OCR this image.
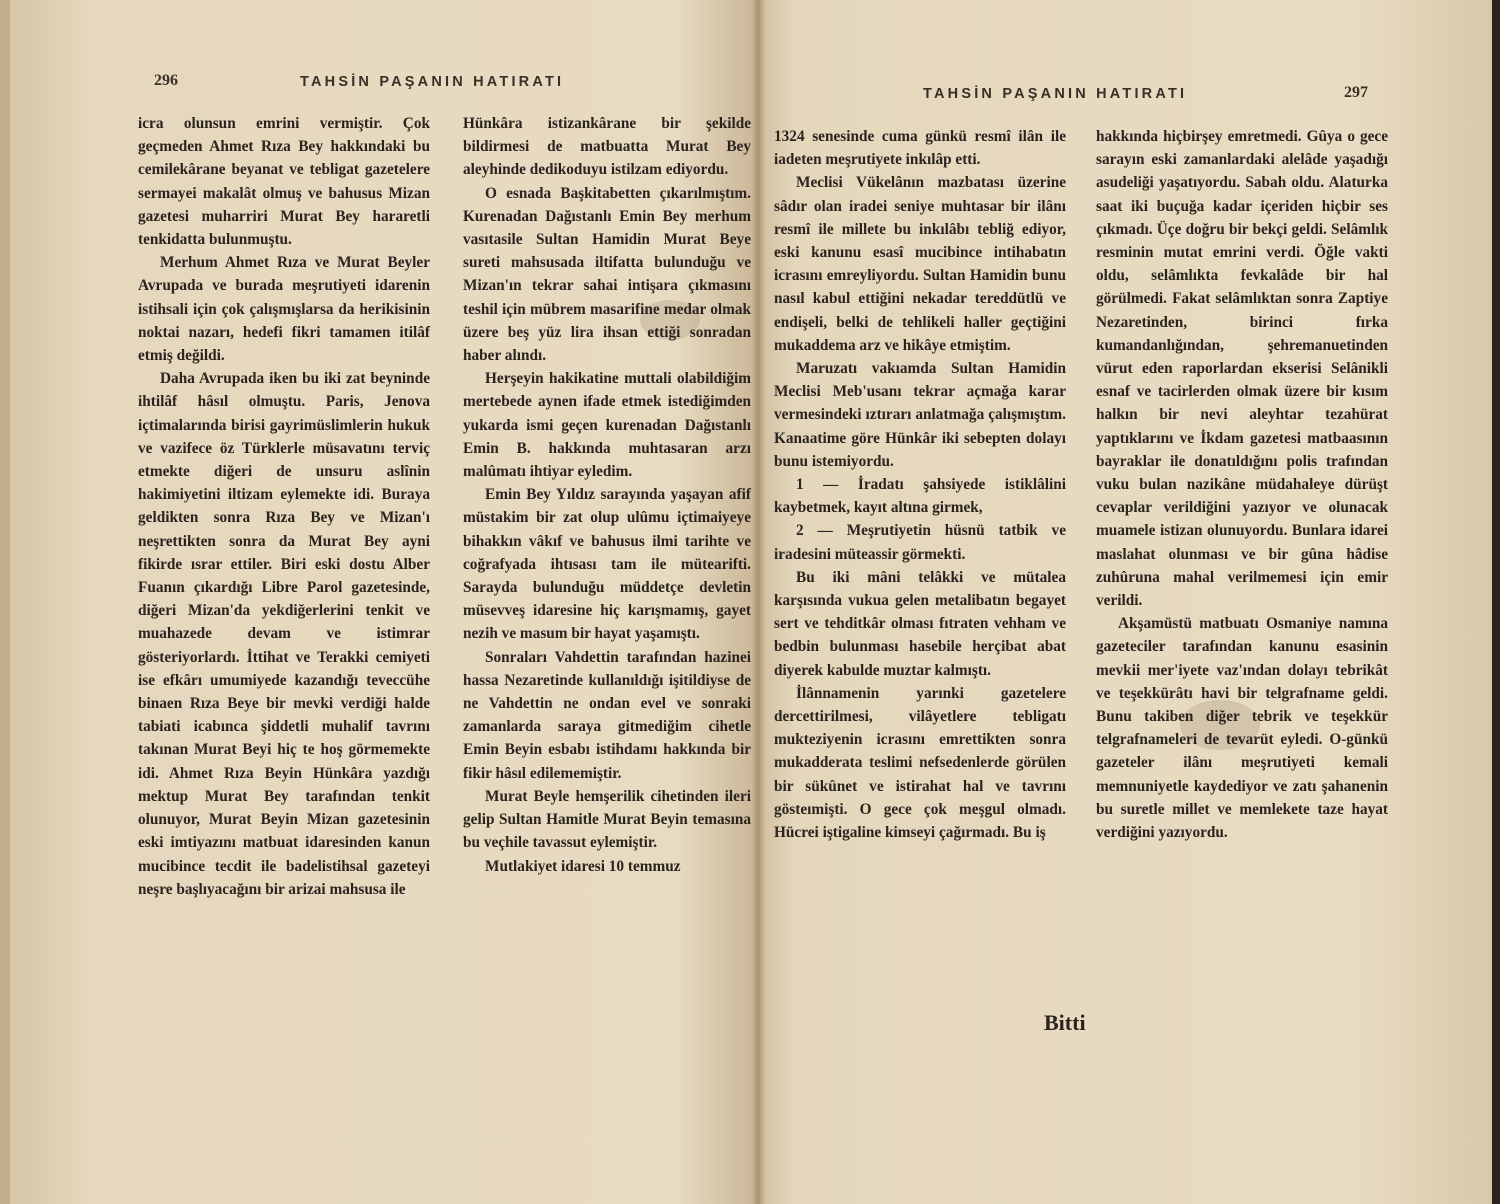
296	TAHSİN PAŞANIN HATIRATI

icra olunsun emrini vermiştir. Çok geçmeden Ahmet Rıza Bey hakkındaki bu cemilekârane beyanat ve tebligat gazetelere sermayei makalât olmuş ve bahusus Mizan gazetesi muharriri Murat Bey hararetli tenkidatta bulunmuştu.

Merhum Ahmet Rıza ve Murat Beyler Avrupada ve burada meşrutiyeti idarenin istihsali için çok çalışmışlarsa da herikisinin noktai nazarı, hedefi fikri tamamen itilâf etmiş değildi.

Daha Avrupada iken bu iki zat beyninde ihtilâf hâsıl olmuştu. Paris, Jenova içtimalarında birisi gayrimüslimlerin hukuk ve vazifece öz Türklerle müsavatını terviç etmekte diğeri de unsuru aslînin hakimiyetini iltizam eylemekte idi. Buraya geldikten sonra Rıza Bey ve Mizan'ı neşrettikten sonra da Murat Bey ayni fikirde ısrar ettiler. Biri eski dostu Alber Fuanın çıkardığı Libre Parol gazetesinde, diğeri Mizan'da yekdiğerlerini tenkit ve muahazede devam ve istimrar gösteriyorlardı. İttihat ve Terakki cemiyeti ise efkârı umumiyede kazandığı teveccühe binaen Rıza Beye bir mevki verdiği halde tabiati icabınca şiddetli muhalif tavrını takınan Murat Beyi hiç te hoş görmemekte idi. Ahmet Rıza Beyin Hünkâra yazdığı mektup Murat Bey tarafından tenkit olunuyor, Murat Beyin Mizan gazetesinin eski imtiyazını matbuat idaresinden kanun mucibince tecdit ile badelistihsal gazeteyi neşre başlıyacağını bir arizai mahsusa ile

Hünkâra istizankârane bir şekilde bildirmesi de matbuatta Murat Bey aleyhinde dedikoduyu istilzam ediyordu.

O esnada Başkitabetten çıkarılmıştım. Kurenadan Dağıstanlı Emin Bey merhum vasıtasile Sultan Hamidin Murat Beye sureti mahsusada iltifatta bulunduğu ve Mizan'ın tekrar sahai intişara çıkmasını teshil için mübrem masarifine medar olmak üzere beş yüz lira ihsan ettiği sonradan haber alındı.

Herşeyin hakikatine muttali olabildiğim mertebede aynen ifade etmek istediğimden yukarda ismi geçen kurenadan Dağıstanlı Emin B. hakkında muhtasaran arzı malûmatı ihtiyar eyledim.

Emin Bey Yıldız sarayında yaşayan afif müstakim bir zat olup ulûmu içtimaiyeye bihakkın vâkıf ve bahusus ilmi tarihte ve coğrafyada ihtısası tam ile mütearifti. Sarayda bulunduğu müddetçe devletin müsevveş idaresine hiç karışmamış, gayet nezih ve masum bir hayat yaşamıştı.

Sonraları Vahdettin tarafından hazinei hassa Nezaretinde kullanıldığı işitildiyse de ne Vahdettin ne ondan evel ve sonraki zamanlarda saraya gitmediğim cihetle Emin Beyin esbabı istihdamı hakkında bir fikir hâsıl edilememiştir.

Murat Beyle hemşerilik cihetinden ileri gelip Sultan Hamitle Murat Beyin temasına bu veçhile tavassut eylemiştir.

Mutlakiyet idaresi 10 temmuz

TAHSİN PAŞANIN HATIRATI	297

1324 senesinde cuma günkü resmî ilân ile iadeten meşrutiyete inkılâp etti.

Meclisi Vükelânın mazbatası üzerine sâdır olan iradei seniye muhtasar bir ilânı resmî ile millete bu inkılâbı tebliğ ediyor, eski kanunu esasî mucibince intihabatın icrasını emreyliyordu. Sultan Hamidin bunu nasıl kabul ettiğini nekadar tereddütlü ve endişeli, belki de tehlikeli haller geçtiğini mukaddema arz ve hikâye etmiştim.

Maruzatı vakıamda Sultan Hamidin Meclisi Meb'usanı tekrar açmağa karar vermesindeki ıztırarı anlatmağa çalışmıştım. Kanaatime göre Hünkâr iki sebepten dolayı bunu istemiyordu.

1 — İradatı şahsiyede istiklâlini kaybetmek, kayıt altına girmek,

2 — Meşrutiyetin hüsnü tatbik ve iradesini müteassir görmekti.

Bu iki mâni telâkki ve mütalea karşısında vukua gelen metalibatın begayet sert ve tehditkâr olması fıtraten vehham ve bedbin bulunması hasebile herçibat abat diyerek kabulde muztar kalmıştı.

İlânnamenin yarınki gazetelere dercettirilmesi, vilâyetlere tebligatı mukteziyenin icrasını emrettikten sonra mukadderata teslimi nefsedenlerde görülen bir sükûnet ve istirahat hal ve tavrını gösteımişti. O gece çok meşgul olmadı. Hücrei iştigaline kimseyi çağırmadı. Bu iş

hakkında hiçbirşey emretmedi. Gûya o gece sarayın eski zamanlardaki alelâde yaşadığı asudeliği yaşatıyordu. Sabah oldu. Alaturka saat iki buçuğa kadar içeriden hiçbir ses çıkmadı. Üçe doğru bir bekçi geldi. Selâmlık resminin mutat emrini verdi. Öğle vakti oldu, selâmlıkta fevkalâde bir hal görülmedi. Fakat selâmlıktan sonra Zaptiye Nezaretinden, birinci fırka kumandanlığından, şehremanuetinden vürut eden raporlardan ekserisi Selânikli esnaf ve tacirlerden olmak üzere bir kısım halkın bir nevi aleyhtar tezahürat yaptıklarını ve İkdam gazetesi matbaasının bayraklar ile donatıldığını polis trafından vuku bulan nazikâne müdahaleye dürüşt cevaplar verildiğini yazıyor ve olunacak muamele istizan olunuyordu. Bunlara idarei maslahat olunması ve bir gûna hâdise zuhûruna mahal verilmemesi için emir verildi.

Akşamüstü matbuatı Osmaniye namına gazeteciler tarafından kanunu esasinin mevkii mer'iyete vaz'ından dolayı tebrikât ve teşekkürâtı havi bir telgrafname geldi. Bunu takiben diğer tebrik ve teşekkür telgrafnameleri de tevarüt eyledi. O-günkü gazeteler ilânı meşrutiyeti kemali memnuniyetle kaydediyor ve zatı şahanenin bu suretle millet ve memlekete taze hayat verdiğini yazıyordu.

Bitti
